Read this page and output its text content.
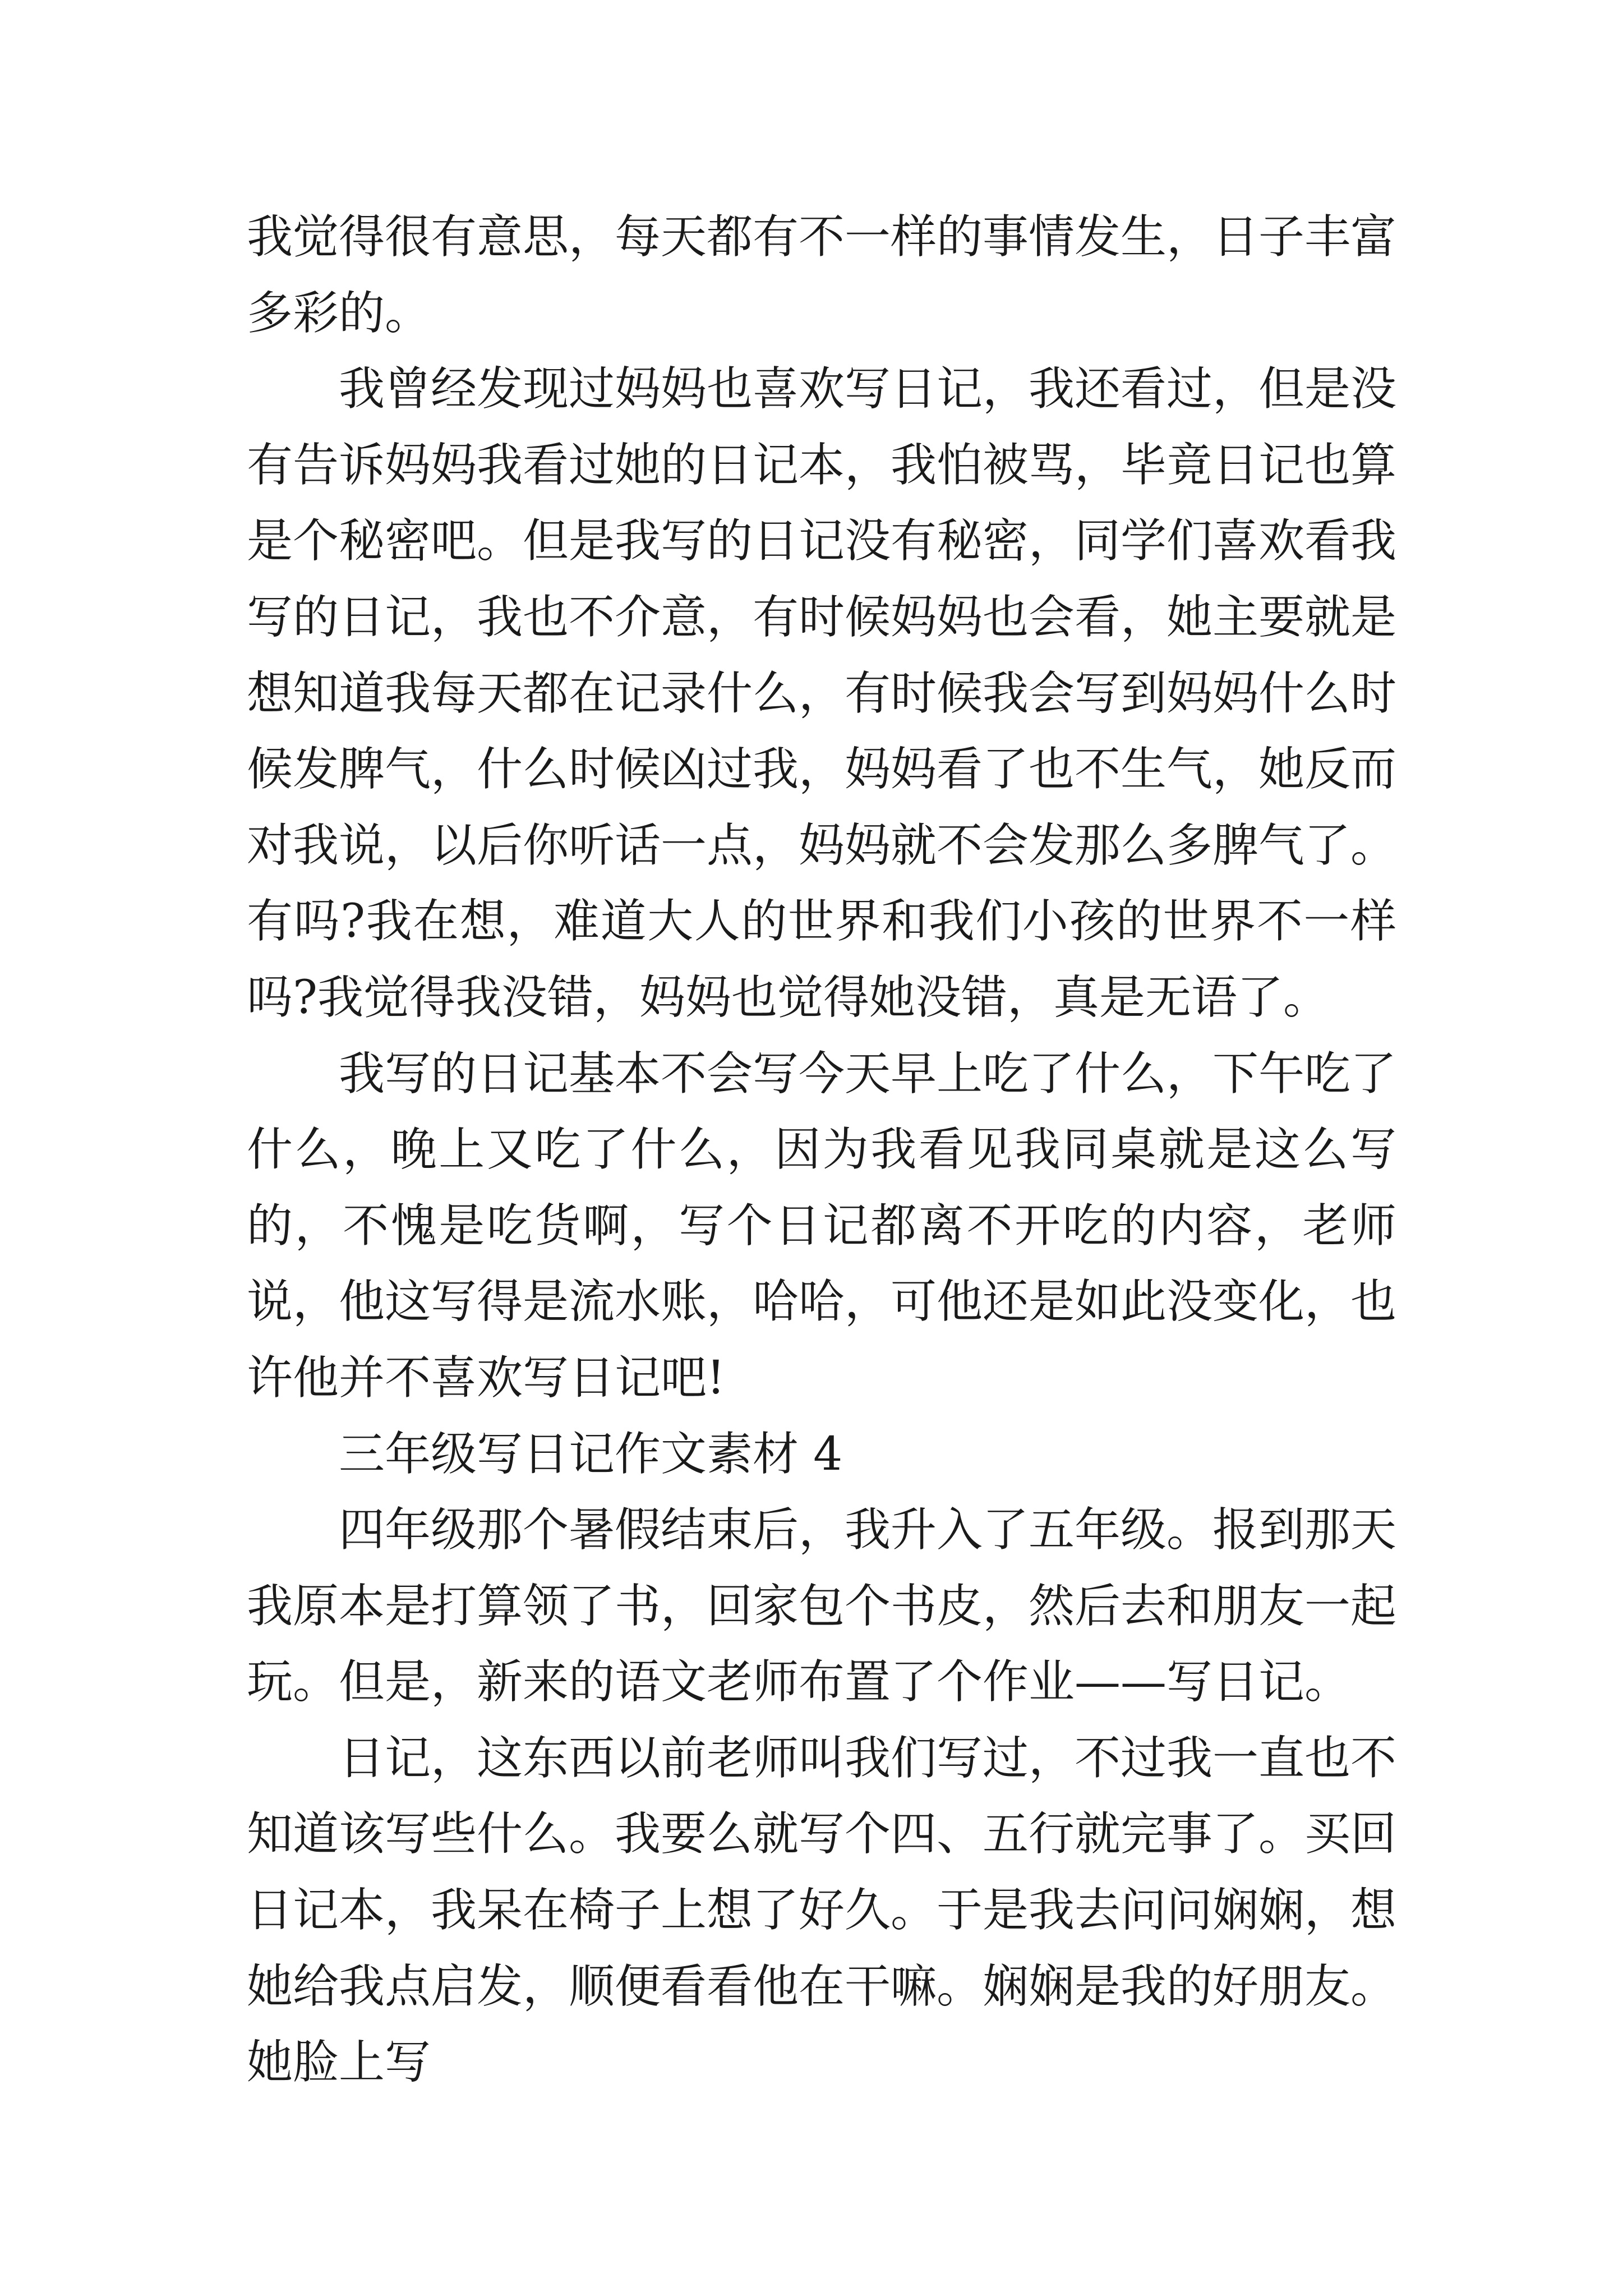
我觉得很有意思，每天都有不一样的事情发生，日子丰富多彩的。

我曾经发现过妈妈也喜欢写日记，我还看过，但是没有告诉妈妈我看过她的日记本，我怕被骂，毕竟日记也算是个秘密吧。但是我写的日记没有秘密，同学们喜欢看我写的日记，我也不介意，有时候妈妈也会看，她主要就是想知道我每天都在记录什么，有时候我会写到妈妈什么时候发脾气，什么时候凶过我，妈妈看了也不生气，她反而对我说，以后你听话一点，妈妈就不会发那么多脾气了。有吗?我在想，难道大人的世界和我们小孩的世界不一样吗?我觉得我没错，妈妈也觉得她没错，真是无语了。

我写的日记基本不会写今天早上吃了什么，下午吃了什么，晚上又吃了什么，因为我看见我同桌就是这么写的，不愧是吃货啊，写个日记都离不开吃的内容，老师说，他这写得是流水账，哈哈，可他还是如此没变化，也许他并不喜欢写日记吧!

三年级写日记作文素材 4

四年级那个暑假结束后，我升入了五年级。报到那天我原本是打算领了书，回家包个书皮，然后去和朋友一起玩。但是，新来的语文老师布置了个作业——写日记。

日记，这东西以前老师叫我们写过，不过我一直也不知道该写些什么。我要么就写个四、五行就完事了。买回日记本，我呆在椅子上想了好久。于是我去问问娴娴，想她给我点启发，顺便看看他在干嘛。娴娴是我的好朋友。她脸上写
